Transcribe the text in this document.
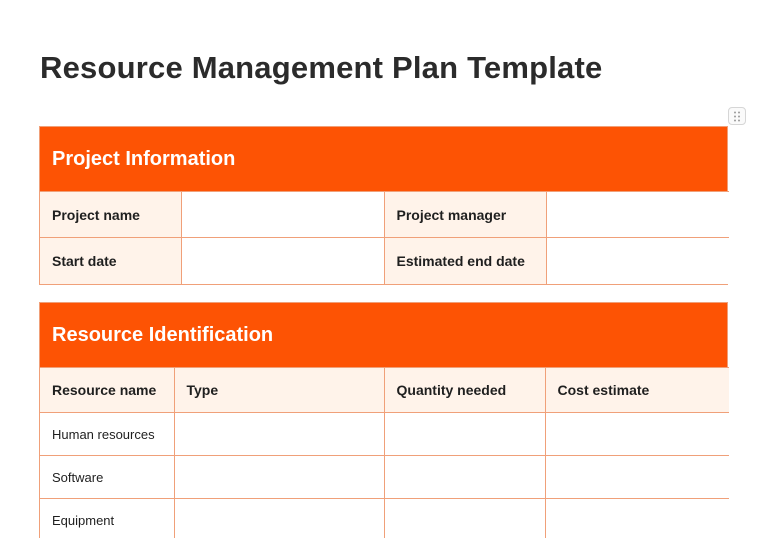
Resource Management Plan Template
Project Information
Project name		Project manager	
Start date		Estimated end date	
Resource Identification
Resource name	Type	Quantity needed	Cost estimate
Human resources			
Software			
Equipment			
